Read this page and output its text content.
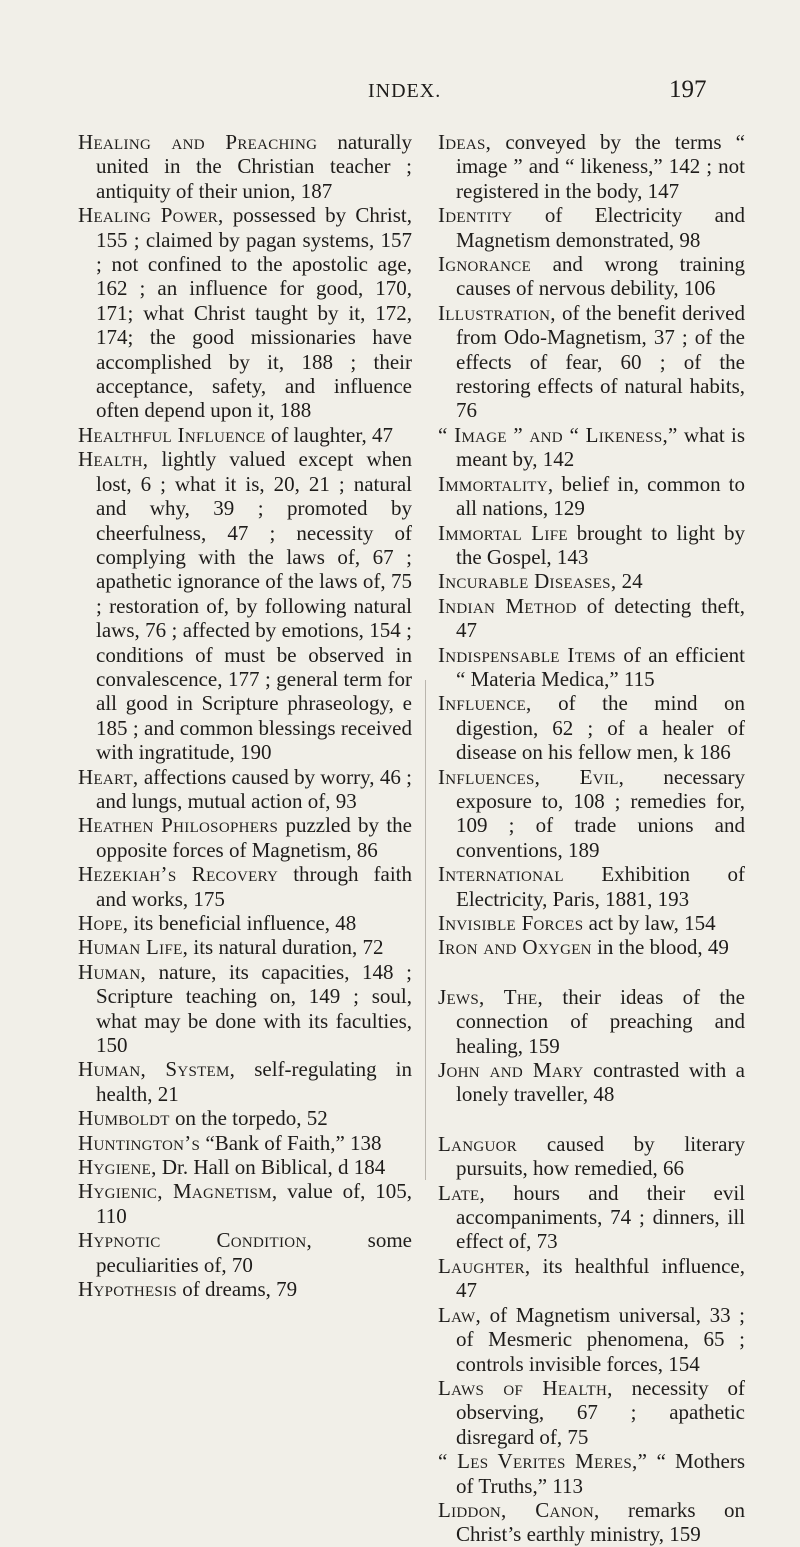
INDEX.	197
Healing and Preaching naturally united in the Christian teacher ; antiquity of their union, 187
Healing Power, possessed by Christ, 155 ; claimed by pagan systems, 157 ; not confined to the apostolic age, 162 ; an influence for good, 170, 171; what Christ taught by it, 172, 174; the good missionaries have accomplished by it, 188 ; their acceptance, safety, and influence often depend upon it, 188
Healthful Influence of laughter, 47
Health, lightly valued except when lost, 6 ; what it is, 20, 21 ; natural and why, 39 ; promoted by cheerfulness, 47 ; necessity of complying with the laws of, 67 ; apathetic ignorance of the laws of, 75 ; restoration of, by following natural laws, 76 ; affected by emotions, 154 ; conditions of must be observed in convalescence, 177 ; general term for all good in Scripture phraseology, e 185 ; and common blessings received with ingratitude, 190
Heart, affections caused by worry, 46 ; and lungs, mutual action of, 93
Heathen Philosophers puzzled by the opposite forces of Magnetism, 86
Hezekiah’s Recovery through faith and works, 175
Hope, its beneficial influence, 48
Human Life, its natural duration, 72
Human, nature, its capacities, 148 ; Scripture teaching on, 149 ; soul, what may be done with its faculties, 150
Human, System, self-regulating in health, 21
Humboldt on the torpedo, 52
Huntington’s “Bank of Faith,” 138
Hygiene, Dr. Hall on Biblical, d 184
Hygienic, Magnetism, value of, 105, 110
Hypnotic Condition, some peculiarities of, 70
Hypothesis of dreams, 79
Ideas, conveyed by the terms “ image ” and “ likeness,” 142 ; not registered in the body, 147
Identity of Electricity and Magnetism demonstrated, 98
Ignorance and wrong training causes of nervous debility, 106
Illustration, of the benefit derived from Odo-Magnetism, 37 ; of the effects of fear, 60 ; of the restoring effects of natural habits, 76
“ Image ” and “ Likeness,” what is meant by, 142
Immortality, belief in, common to all nations, 129
Immortal Life brought to light by the Gospel, 143
Incurable Diseases, 24
Indian Method of detecting theft, 47
Indispensable Items of an efficient “ Materia Medica,” 115
Influence, of the mind on digestion, 62 ; of a healer of disease on his fellow men, k 186
Influences, Evil, necessary exposure to, 108 ; remedies for, 109 ; of trade unions and conventions, 189
International Exhibition of Electricity, Paris, 1881, 193
Invisible Forces act by law, 154
Iron and Oxygen in the blood, 49
Jews, The, their ideas of the connection of preaching and healing, 159
John and Mary contrasted with a lonely traveller, 48
Languor caused by literary pursuits, how remedied, 66
Late, hours and their evil accompaniments, 74 ; dinners, ill effect of, 73
Laughter, its healthful influence, 47
Law, of Magnetism universal, 33 ; of Mesmeric phenomena, 65 ; controls invisible forces, 154
Laws of Health, necessity of observing, 67 ; apathetic disregard of, 75
“ Les Verites Meres,” “ Mothers of Truths,” 113
Liddon, Canon, remarks on Christ’s earthly ministry, 159
